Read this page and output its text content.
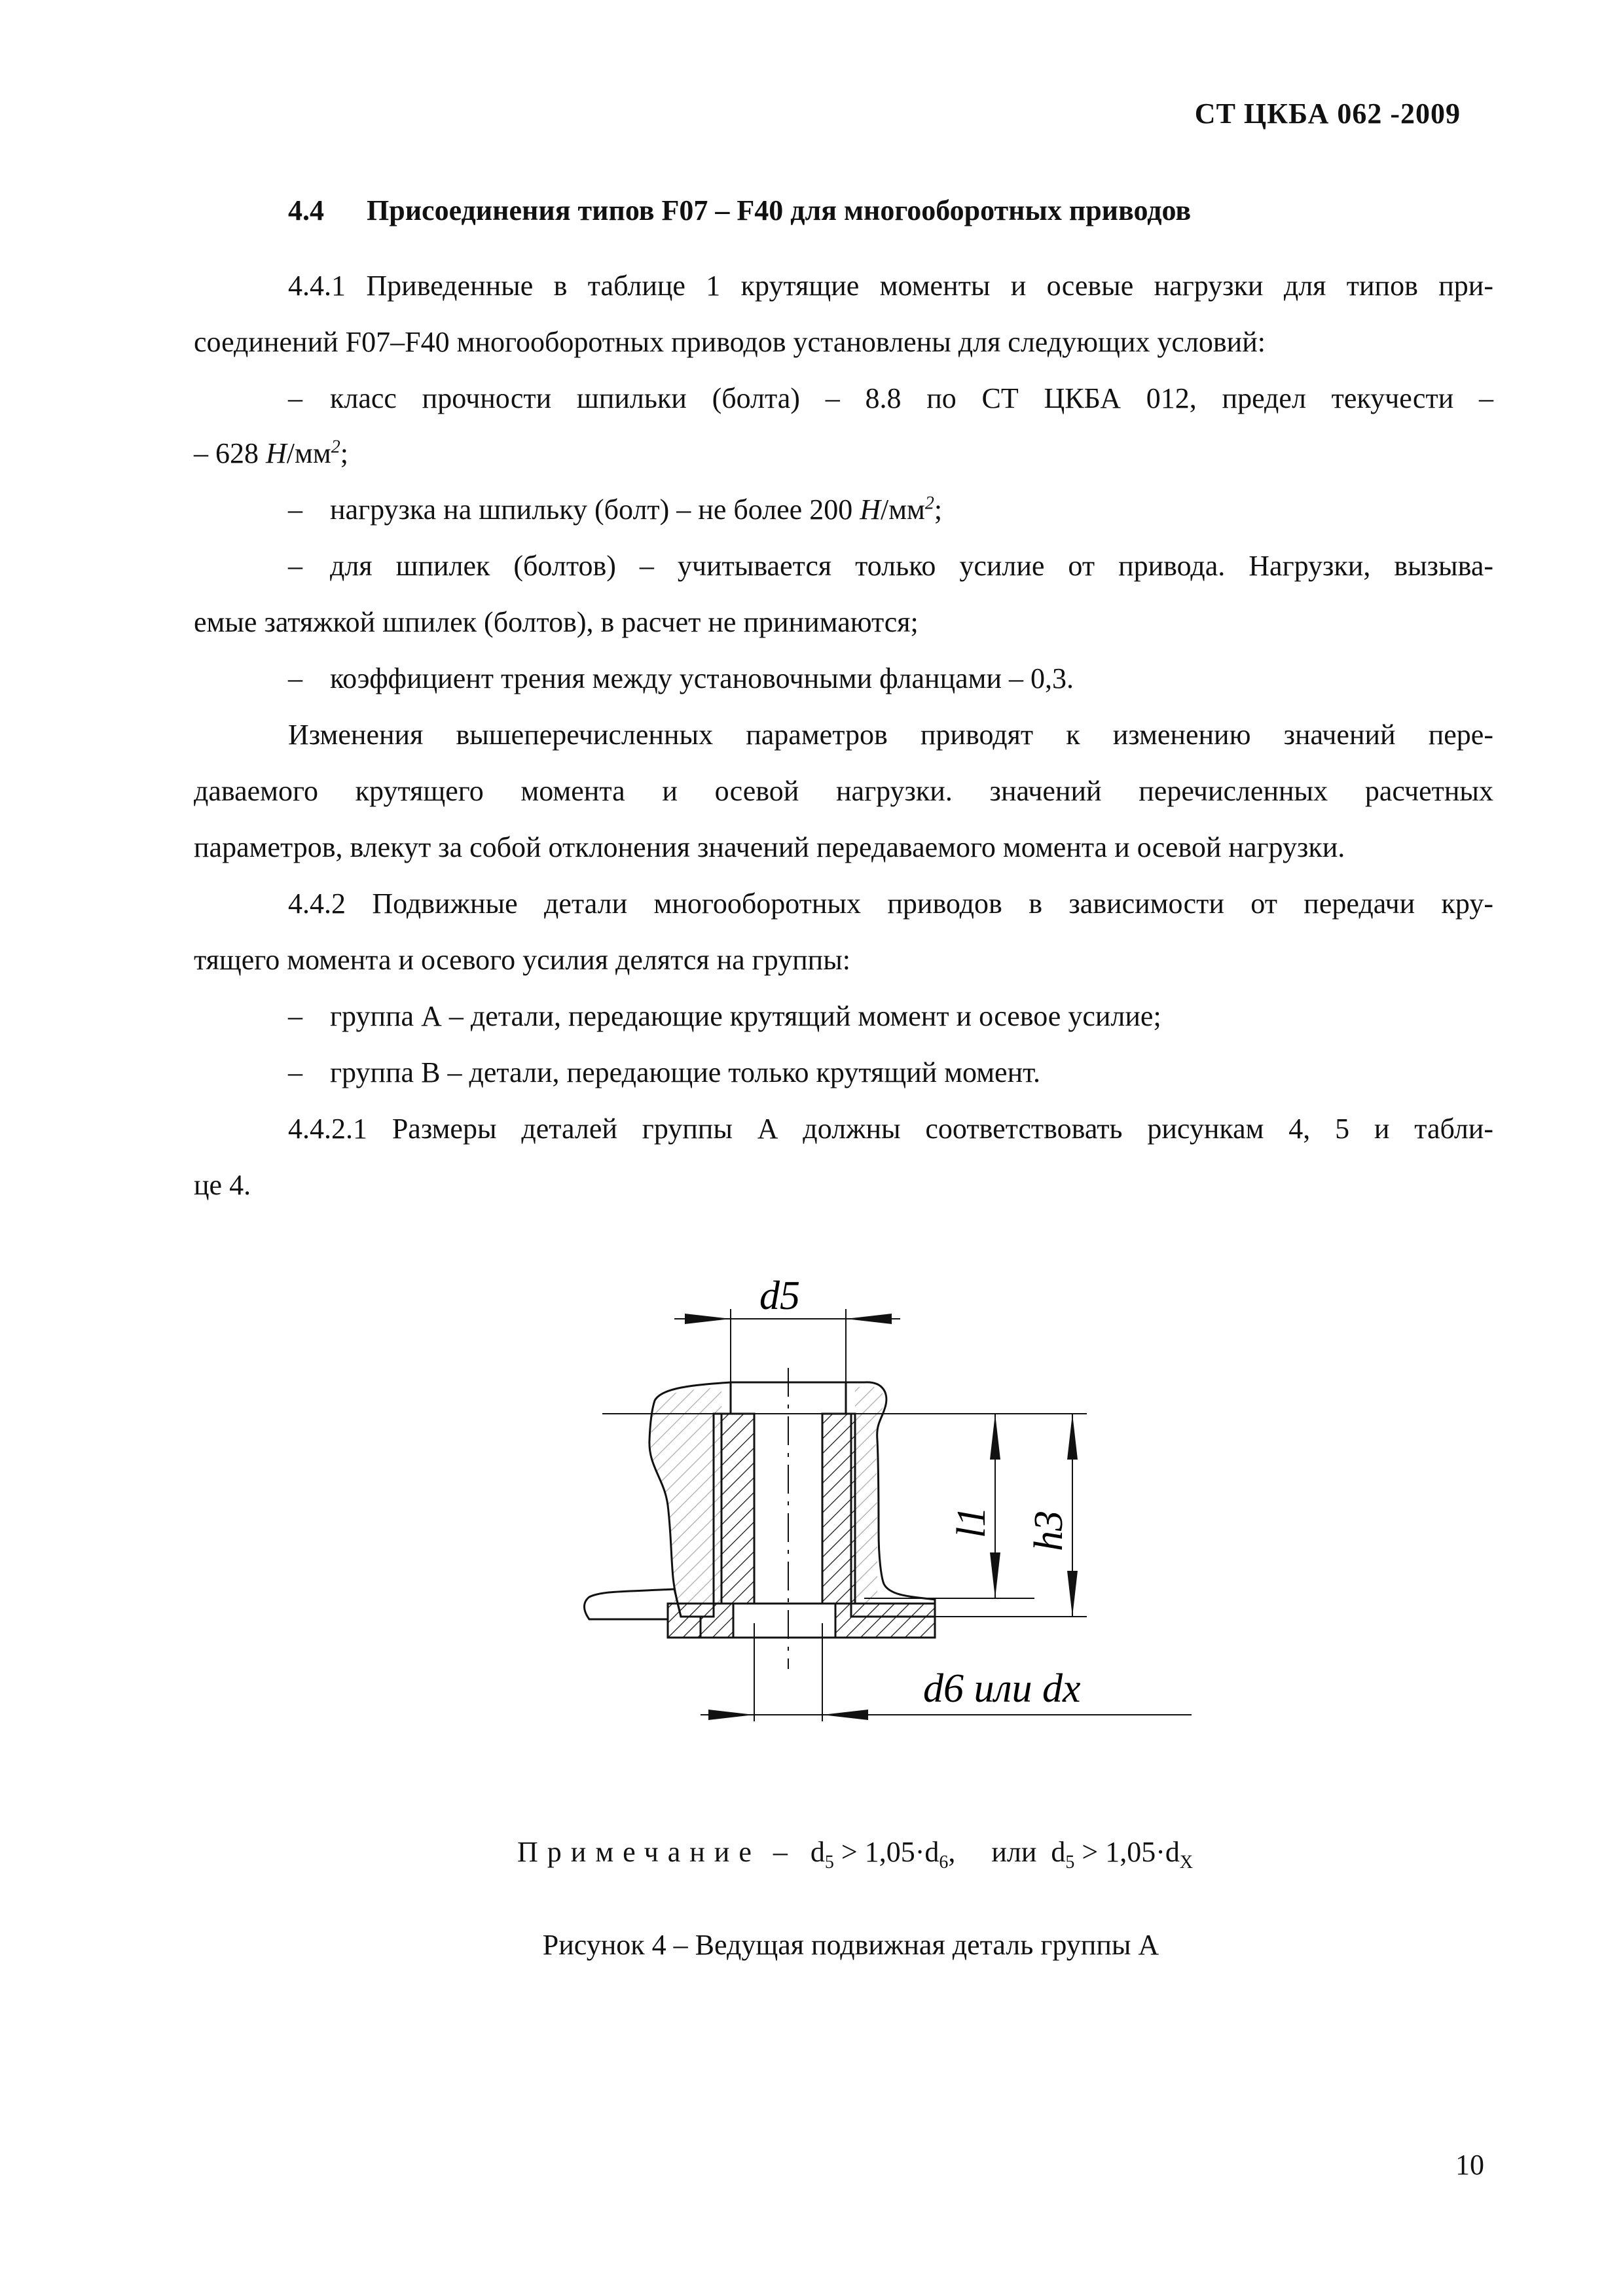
СТ ЦКБА 062 -2009
4.4 Присоединения типов F07 – F40 для многооборотных приводов
4.4.1 Приведенные в таблице 1 крутящие моменты и осевые нагрузки для типов при-
соединений F07–F40 многооборотных приводов установлены для следующих условий:
– класс прочности шпильки (болта) – 8.8 по СТ ЦКБА 012, предел текучести –
– 628 $Н/мм^2$;
– нагрузка на шпильку (болт) – не более 200 $Н/мм^2$;
– для шпилек (болтов) – учитывается только усилие от привода. Нагрузки, вызыва-
емые затяжкой шпилек (болтов), в расчет не принимаются;
– коэффициент трения между установочными фланцами – 0,3.
Изменения вышеперечисленных параметров приводят к изменению значений пере-
даваемого крутящего момента и осевой нагрузки. значений перечисленных расчетных
параметров, влекут за собой отклонения значений передаваемого момента и осевой нагрузки.
4.4.2 Подвижные детали многооборотных приводов в зависимости от передачи кру-
тящего момента и осевого усилия делятся на группы:
– группа А – детали, передающие крутящий момент и осевое усилие;
– группа В – детали, передающие только крутящий момент.
4.4.2.1 Размеры деталей группы А должны соответствовать рисункам 4, 5 и табли-
це 4.
d5
l1 h3
d6 или dx
Примечание – $d_5 > 1,05\cdot d_6$,     или  $d_5 > 1,05\cdot d_X$
Рисунок 4 – Ведущая подвижная деталь группы А
10
